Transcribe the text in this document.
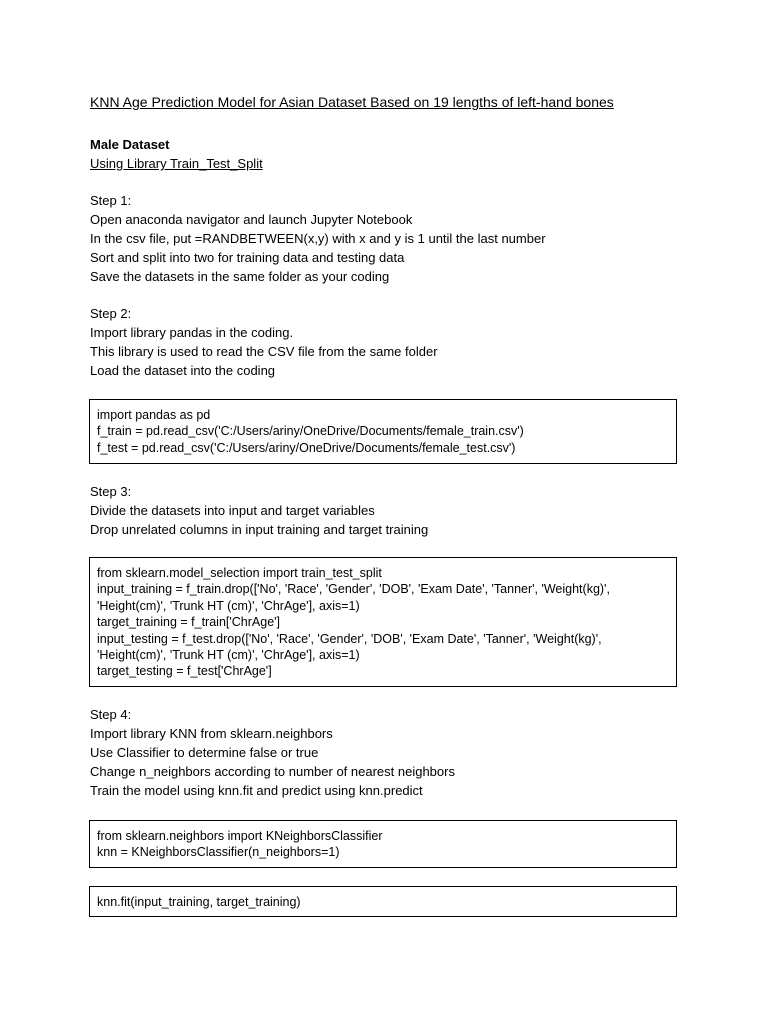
KNN Age Prediction Model for Asian Dataset Based on 19 lengths of left-hand bones
Male Dataset
Using Library Train_Test_Split
Step 1:
Open anaconda navigator and launch Jupyter Notebook
In the csv file, put =RANDBETWEEN(x,y) with x and y is 1 until the last number
Sort and split into two for training data and testing data
Save the datasets in the same folder as your coding
Step 2:
Import library pandas in the coding.
This library is used to read the CSV file from the same folder
Load the dataset into the coding
import pandas as pd
f_train = pd.read_csv('C:/Users/ariny/OneDrive/Documents/female_train.csv')
f_test = pd.read_csv('C:/Users/ariny/OneDrive/Documents/female_test.csv')
Step 3:
Divide the datasets into input and target variables
Drop unrelated columns in input training and target training
from sklearn.model_selection import train_test_split
input_training = f_train.drop(['No', 'Race', 'Gender', 'DOB', 'Exam Date', 'Tanner', 'Weight(kg)',
'Height(cm)', 'Trunk HT (cm)', 'ChrAge'], axis=1)
target_training = f_train['ChrAge']
input_testing = f_test.drop(['No', 'Race', 'Gender', 'DOB', 'Exam Date', 'Tanner', 'Weight(kg)',
'Height(cm)', 'Trunk HT (cm)', 'ChrAge'], axis=1)
target_testing = f_test['ChrAge']
Step 4:
Import library KNN from sklearn.neighbors
Use Classifier to determine false or true
Change n_neighbors according to number of nearest neighbors
Train the model using knn.fit and predict using knn.predict
from sklearn.neighbors import KNeighborsClassifier
knn = KNeighborsClassifier(n_neighbors=1)
knn.fit(input_training, target_training)
